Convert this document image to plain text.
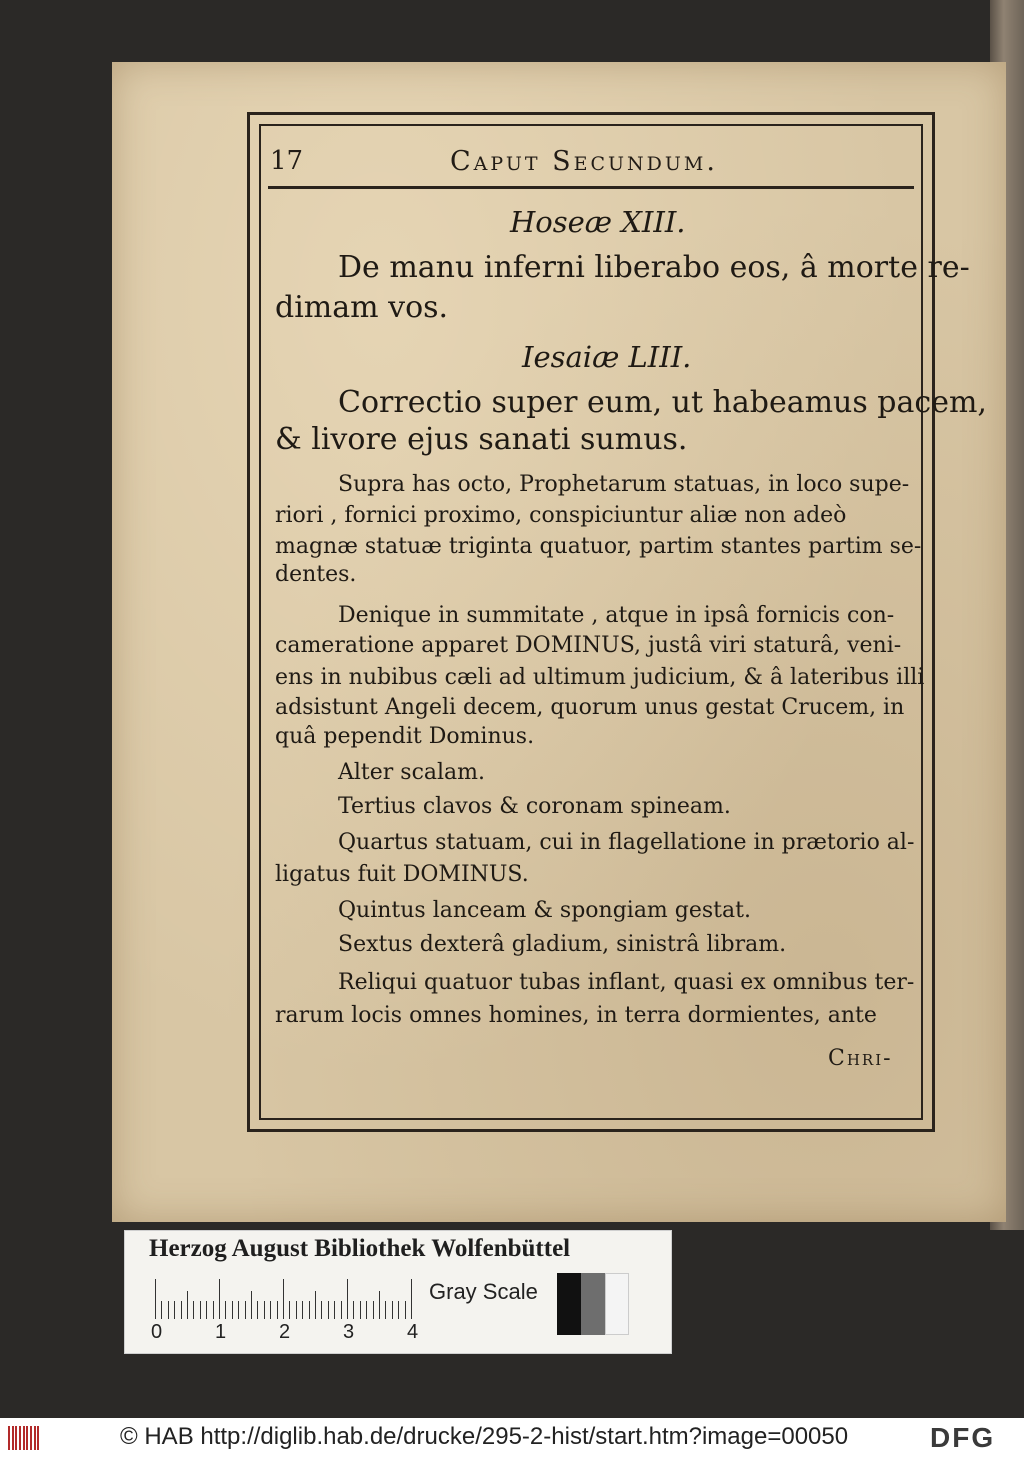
17	Caput Secundum.
Hoseæ XIII.
De manu inferni liberabo eos, â morte re-
dimam vos.
Iesaiæ LIII.
Correctio super eum, ut habeamus pacem,
& livore ejus sanati sumus.
Supra has octo, Prophetarum statuas, in loco supe-
riori , fornici proximo, conspiciuntur aliæ non adeò
magnæ statuæ triginta quatuor, partim stantes partim se-
dentes.
Denique in summitate , atque in ipsâ fornicis con-
cameratione apparet DOMINUS, justâ viri staturâ, veni-
ens in nubibus cæli ad ultimum judicium, & â lateribus illi
adsistunt Angeli decem, quorum unus gestat Crucem, in
quâ pependit Dominus.
Alter scalam.
Tertius clavos & coronam spineam.
Quartus statuam, cui in flagellatione in prætorio al-
ligatus fuit DOMINUS.
Quintus lanceam & spongiam gestat.
Sextus dexterâ gladium, sinistrâ libram.
Reliqui quatuor tubas inflant, quasi ex omnibus ter-
rarum locis omnes homines, in terra dormientes, ante
Chri-
Herzog August Bibliothek Wolfenbüttel
0	1	2	3	4
Gray Scale
© HAB http://diglib.hab.de/drucke/295-2-hist/start.htm?image=00050	DFG
